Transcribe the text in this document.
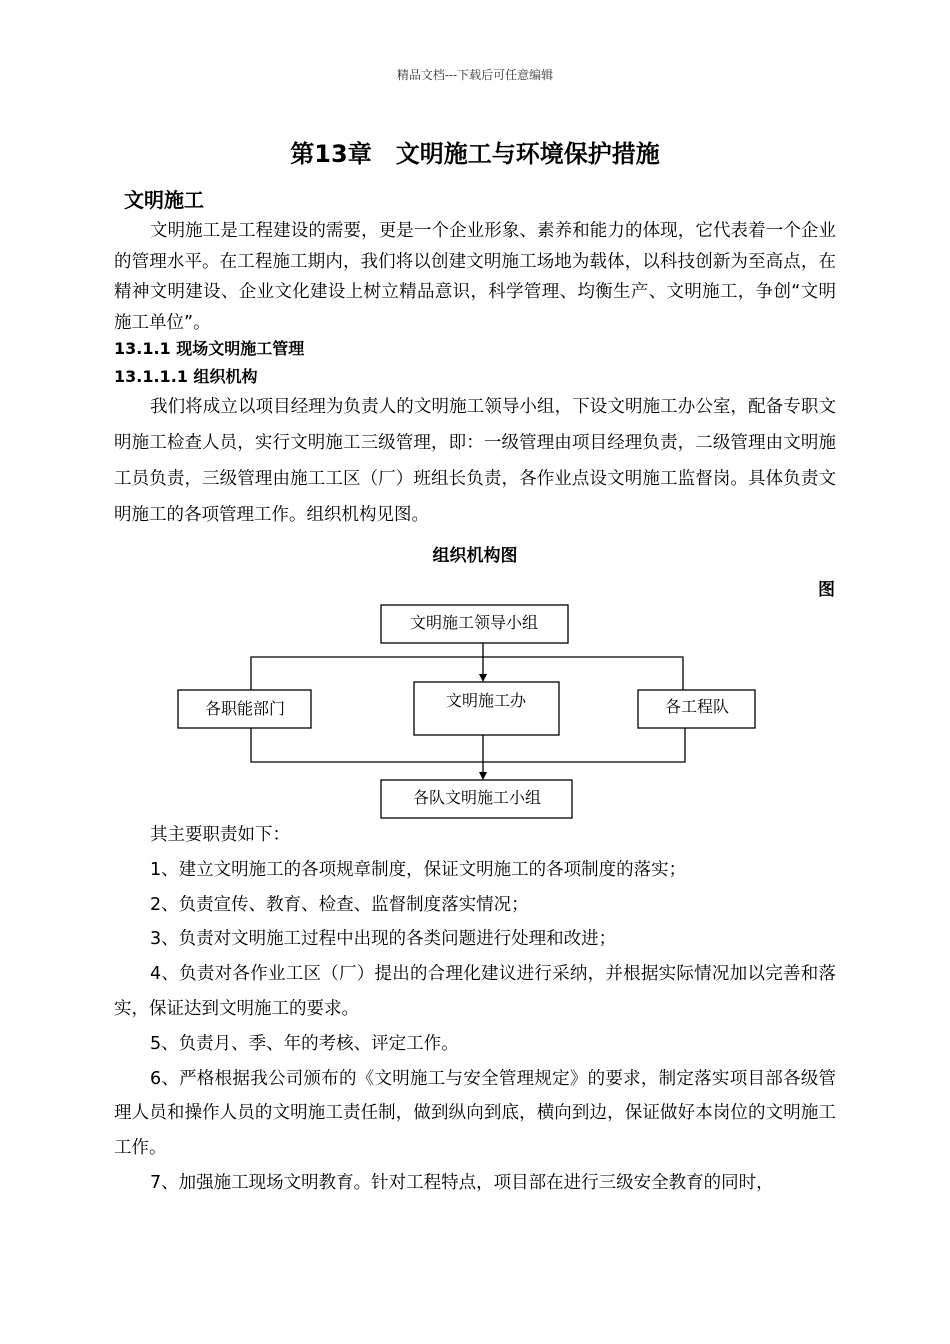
精品文档---下载后可任意编辑
第13章　文明施工与环境保护措施
文明施工

文明施工是工程建设的需要，更是一个企业形象、素养和能力的体现，它代表着一个企业的管理水平。在工程施工期内，我们将以创建文明施工场地为载体，以科技创新为至高点，在精神文明建设、企业文化建设上树立精品意识，科学管理、均衡生产、文明施工，争创“文明施工单位”。

13.1.1 现场文明施工管理
13.1.1.1 组织机构

我们将成立以项目经理为负责人的文明施工领导小组，下设文明施工办公室，配备专职文明施工检查人员，实行文明施工三级管理，即：一级管理由项目经理负责，二级管理由文明施工员负责，三级管理由施工工区（厂）班组长负责，各作业点设文明施工监督岗。具体负责文明施工的各项管理工作。组织机构见图。

组织机构图
图
文明施工领导小组
各职能部门	文明施工办	各工程队
各队文明施工小组

其主要职责如下：

1、建立文明施工的各项规章制度，保证文明施工的各项制度的落实；

2、负责宣传、教育、检查、监督制度落实情况；

3、负责对文明施工过程中出现的各类问题进行处理和改进；

4、负责对各作业工区（厂）提出的合理化建议进行采纳，并根据实际情况加以完善和落实，保证达到文明施工的要求。

5、负责月、季、年的考核、评定工作。

6、严格根据我公司颁布的《文明施工与安全管理规定》的要求，制定落实项目部各级管理人员和操作人员的文明施工责任制，做到纵向到底，横向到边，保证做好本岗位的文明施工工作。

7、加强施工现场文明教育。针对工程特点，项目部在进行三级安全教育的同时，
